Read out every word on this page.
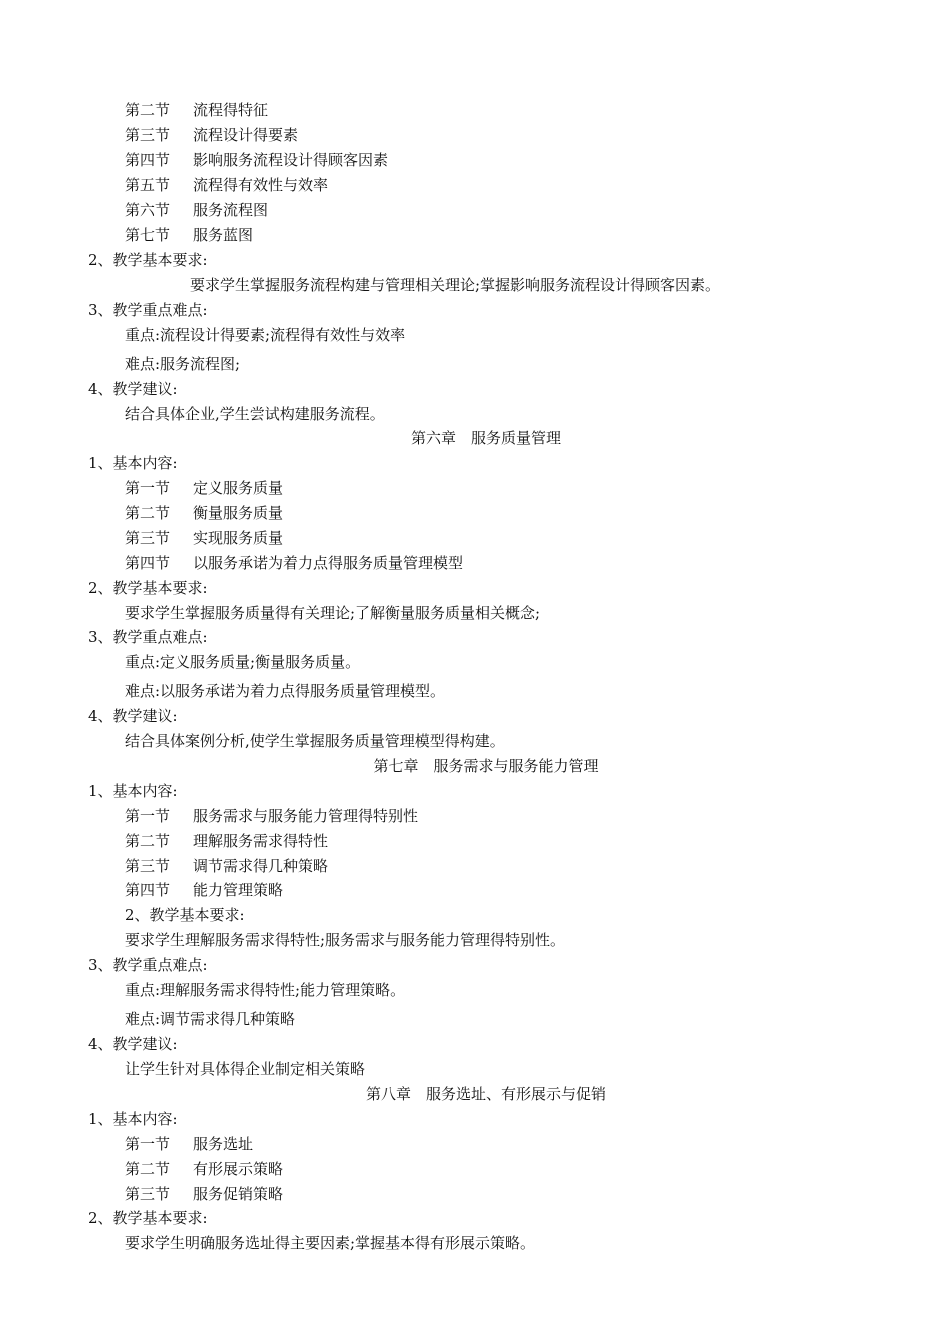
第二节 流程得特征
第三节 流程设计得要素
第四节 影响服务流程设计得顾客因素
第五节 流程得有效性与效率
第六节 服务流程图
第七节 服务蓝图
2、教学基本要求:
要求学生掌握服务流程构建与管理相关理论;掌握影响服务流程设计得顾客因素。
3、教学重点难点:
重点:流程设计得要素;流程得有效性与效率
难点:服务流程图;
4、教学建议:
结合具体企业,学生尝试构建服务流程。
第六章　服务质量管理
1、基本内容:
第一节 定义服务质量
第二节 衡量服务质量
第三节 实现服务质量
第四节 以服务承诺为着力点得服务质量管理模型
2、教学基本要求:
要求学生掌握服务质量得有关理论;了解衡量服务质量相关概念;
3、教学重点难点:
重点:定义服务质量;衡量服务质量。
难点:以服务承诺为着力点得服务质量管理模型。
4、教学建议:
结合具体案例分析,使学生掌握服务质量管理模型得构建。
第七章　服务需求与服务能力管理
1、基本内容:
第一节 服务需求与服务能力管理得特别性
第二节 理解服务需求得特性
第三节 调节需求得几种策略
第四节 能力管理策略
2、教学基本要求:
要求学生理解服务需求得特性;服务需求与服务能力管理得特别性。
3、教学重点难点:
重点:理解服务需求得特性;能力管理策略。
难点:调节需求得几种策略
4、教学建议:
让学生针对具体得企业制定相关策略
第八章　服务选址、有形展示与促销
1、基本内容:
第一节 服务选址
第二节 有形展示策略
第三节 服务促销策略
2、教学基本要求:
要求学生明确服务选址得主要因素;掌握基本得有形展示策略。
